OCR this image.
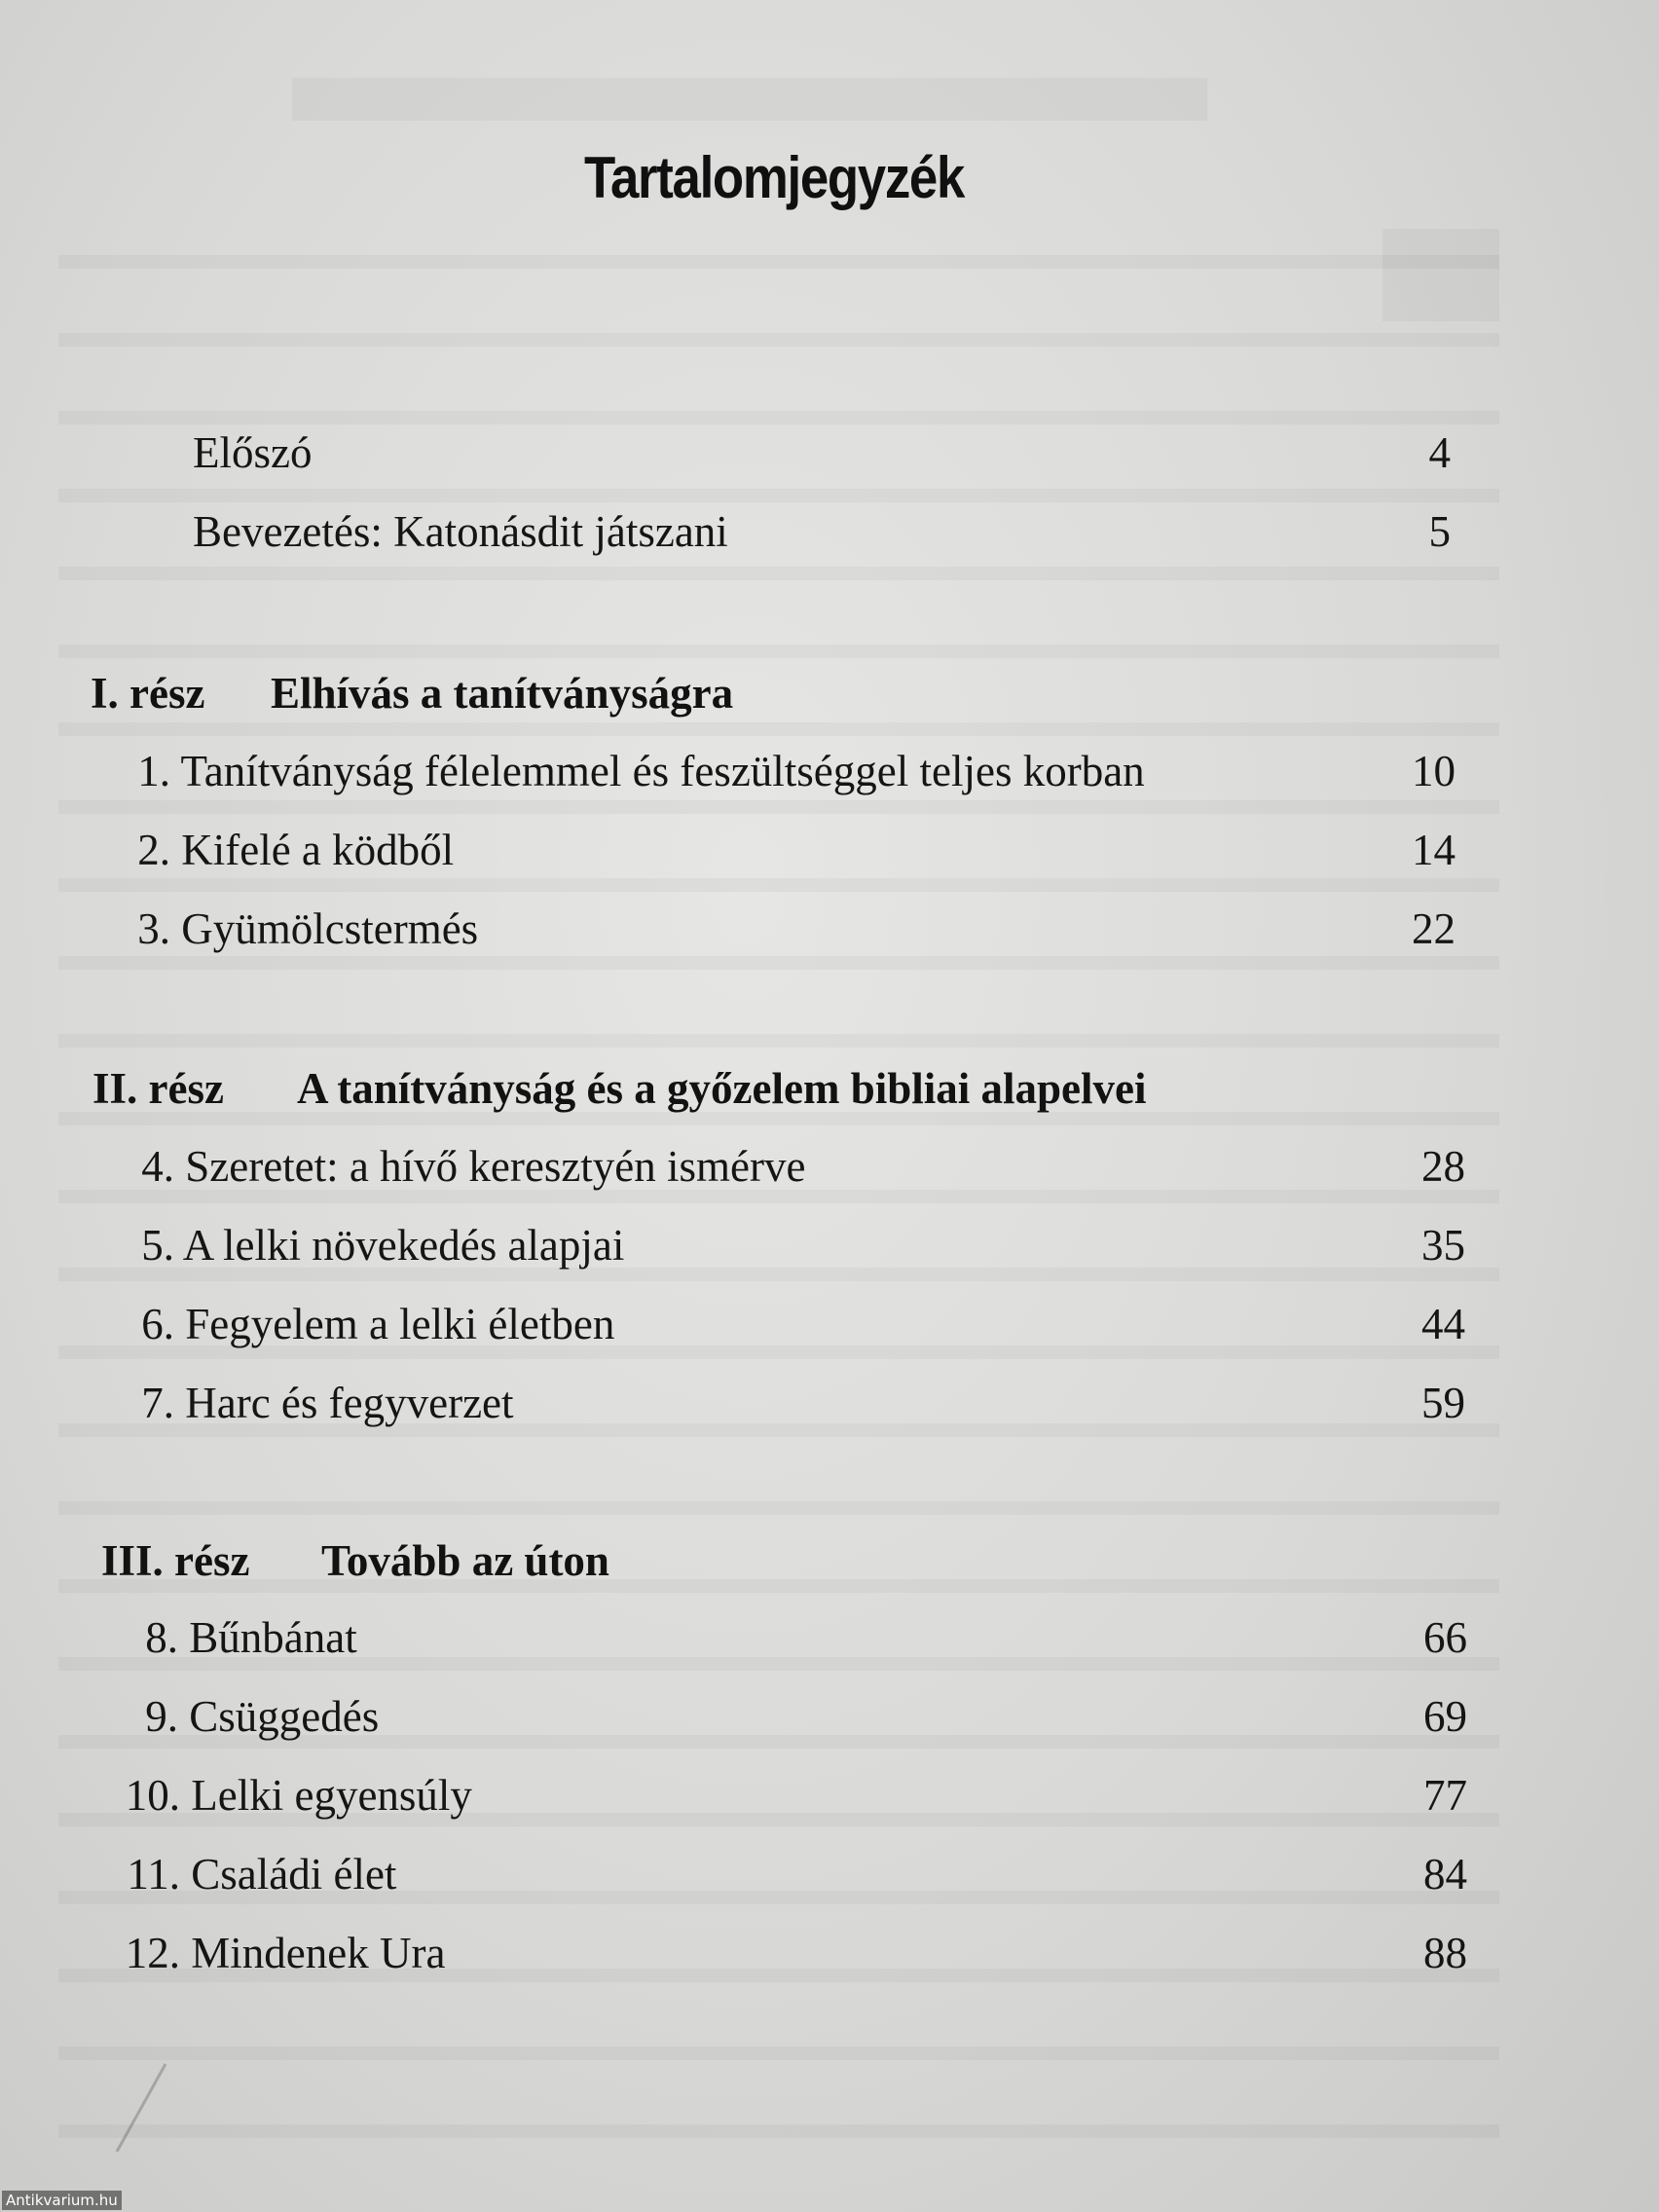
Tartalomjegyzék
Előszó	4
Bevezetés: Katonásdit játszani	5
I. rész Elhívás a tanítványságra
1. Tanítványság félelemmel és feszültséggel teljes korban	10
2. Kifelé a ködből	14
3. Gyümölcstermés	22
II. rész A tanítványság és a győzelem bibliai alapelvei
4. Szeretet: a hívő keresztyén ismérve	28
5. A lelki növekedés alapjai	35
6. Fegyelem a lelki életben	44
7. Harc és fegyverzet	59
III. rész Tovább az úton
8. Bűnbánat	66
9. Csüggedés	69
10. Lelki egyensúly	77
11. Családi élet	84
12. Mindenek Ura	88
Antikvarium.hu
